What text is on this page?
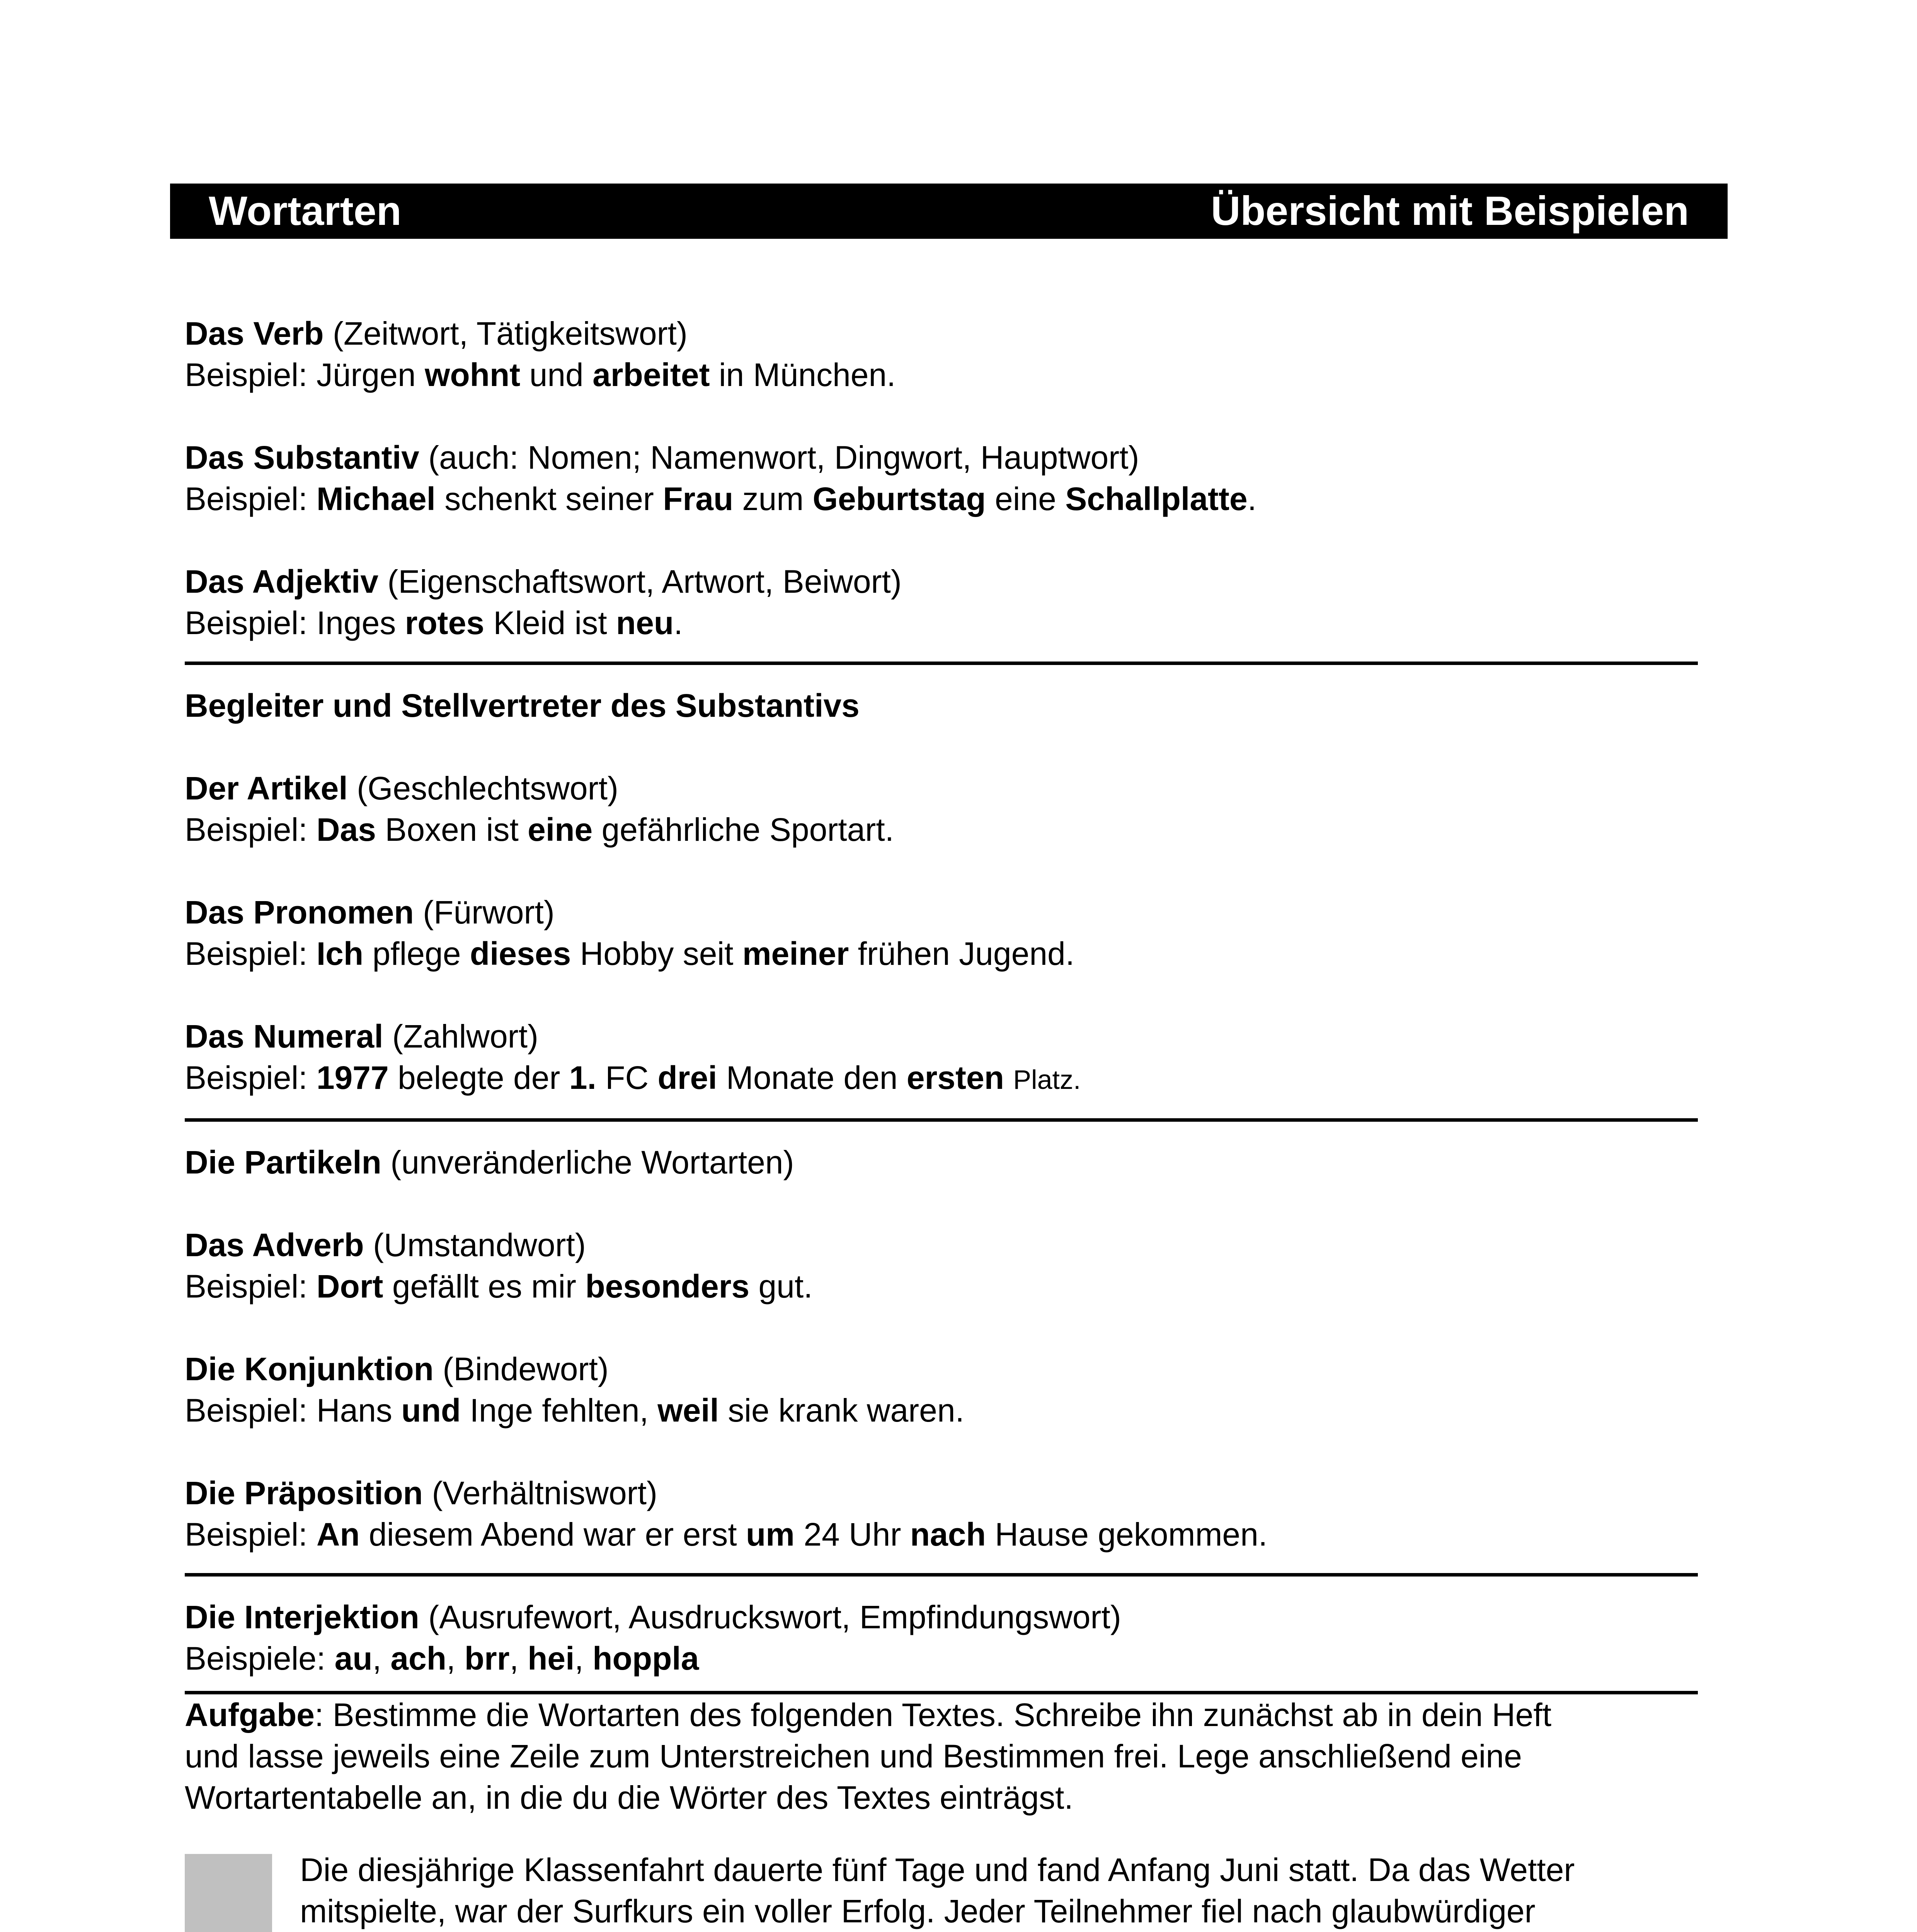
Wortarten	Übersicht mit Beispielen
Das Verb (Zeitwort, Tätigkeitswort)
Beispiel: Jürgen wohnt und arbeitet in München.
Das Substantiv (auch: Nomen; Namenwort, Dingwort, Hauptwort)
Beispiel: Michael schenkt seiner Frau zum Geburtstag eine Schallplatte.
Das Adjektiv (Eigenschaftswort, Artwort, Beiwort)
Beispiel: Inges rotes Kleid ist neu.
Begleiter und Stellvertreter des Substantivs
Der Artikel (Geschlechtswort)
Beispiel: Das Boxen ist eine gefährliche Sportart.
Das Pronomen (Fürwort)
Beispiel: Ich pflege dieses Hobby seit meiner frühen Jugend.
Das Numeral (Zahlwort)
Beispiel: 1977 belegte der 1. FC drei Monate den ersten Platz.
Die Partikeln (unveränderliche Wortarten)
Das Adverb (Umstandwort)
Beispiel: Dort gefällt es mir besonders gut.
Die Konjunktion (Bindewort)
Beispiel: Hans und Inge fehlten, weil sie krank waren.
Die Präposition (Verhältniswort)
Beispiel: An diesem Abend war er erst um 24 Uhr nach Hause gekommen.
Die Interjektion (Ausrufewort, Ausdruckswort, Empfindungswort)
Beispiele: au, ach, brr, hei, hoppla
Aufgabe: Bestimme die Wortarten des folgenden Textes. Schreibe ihn zunächst ab in dein Heft
und lasse jeweils eine Zeile zum Unterstreichen und Bestimmen frei. Lege anschließend eine
Wortartentabelle an, in die du die Wörter des Textes einträgst.
Die diesjährige Klassenfahrt dauerte fünf Tage und fand Anfang Juni statt. Da das Wetter
mitspielte, war der Surfkurs ein voller Erfolg. Jeder Teilnehmer fiel nach glaubwürdiger
